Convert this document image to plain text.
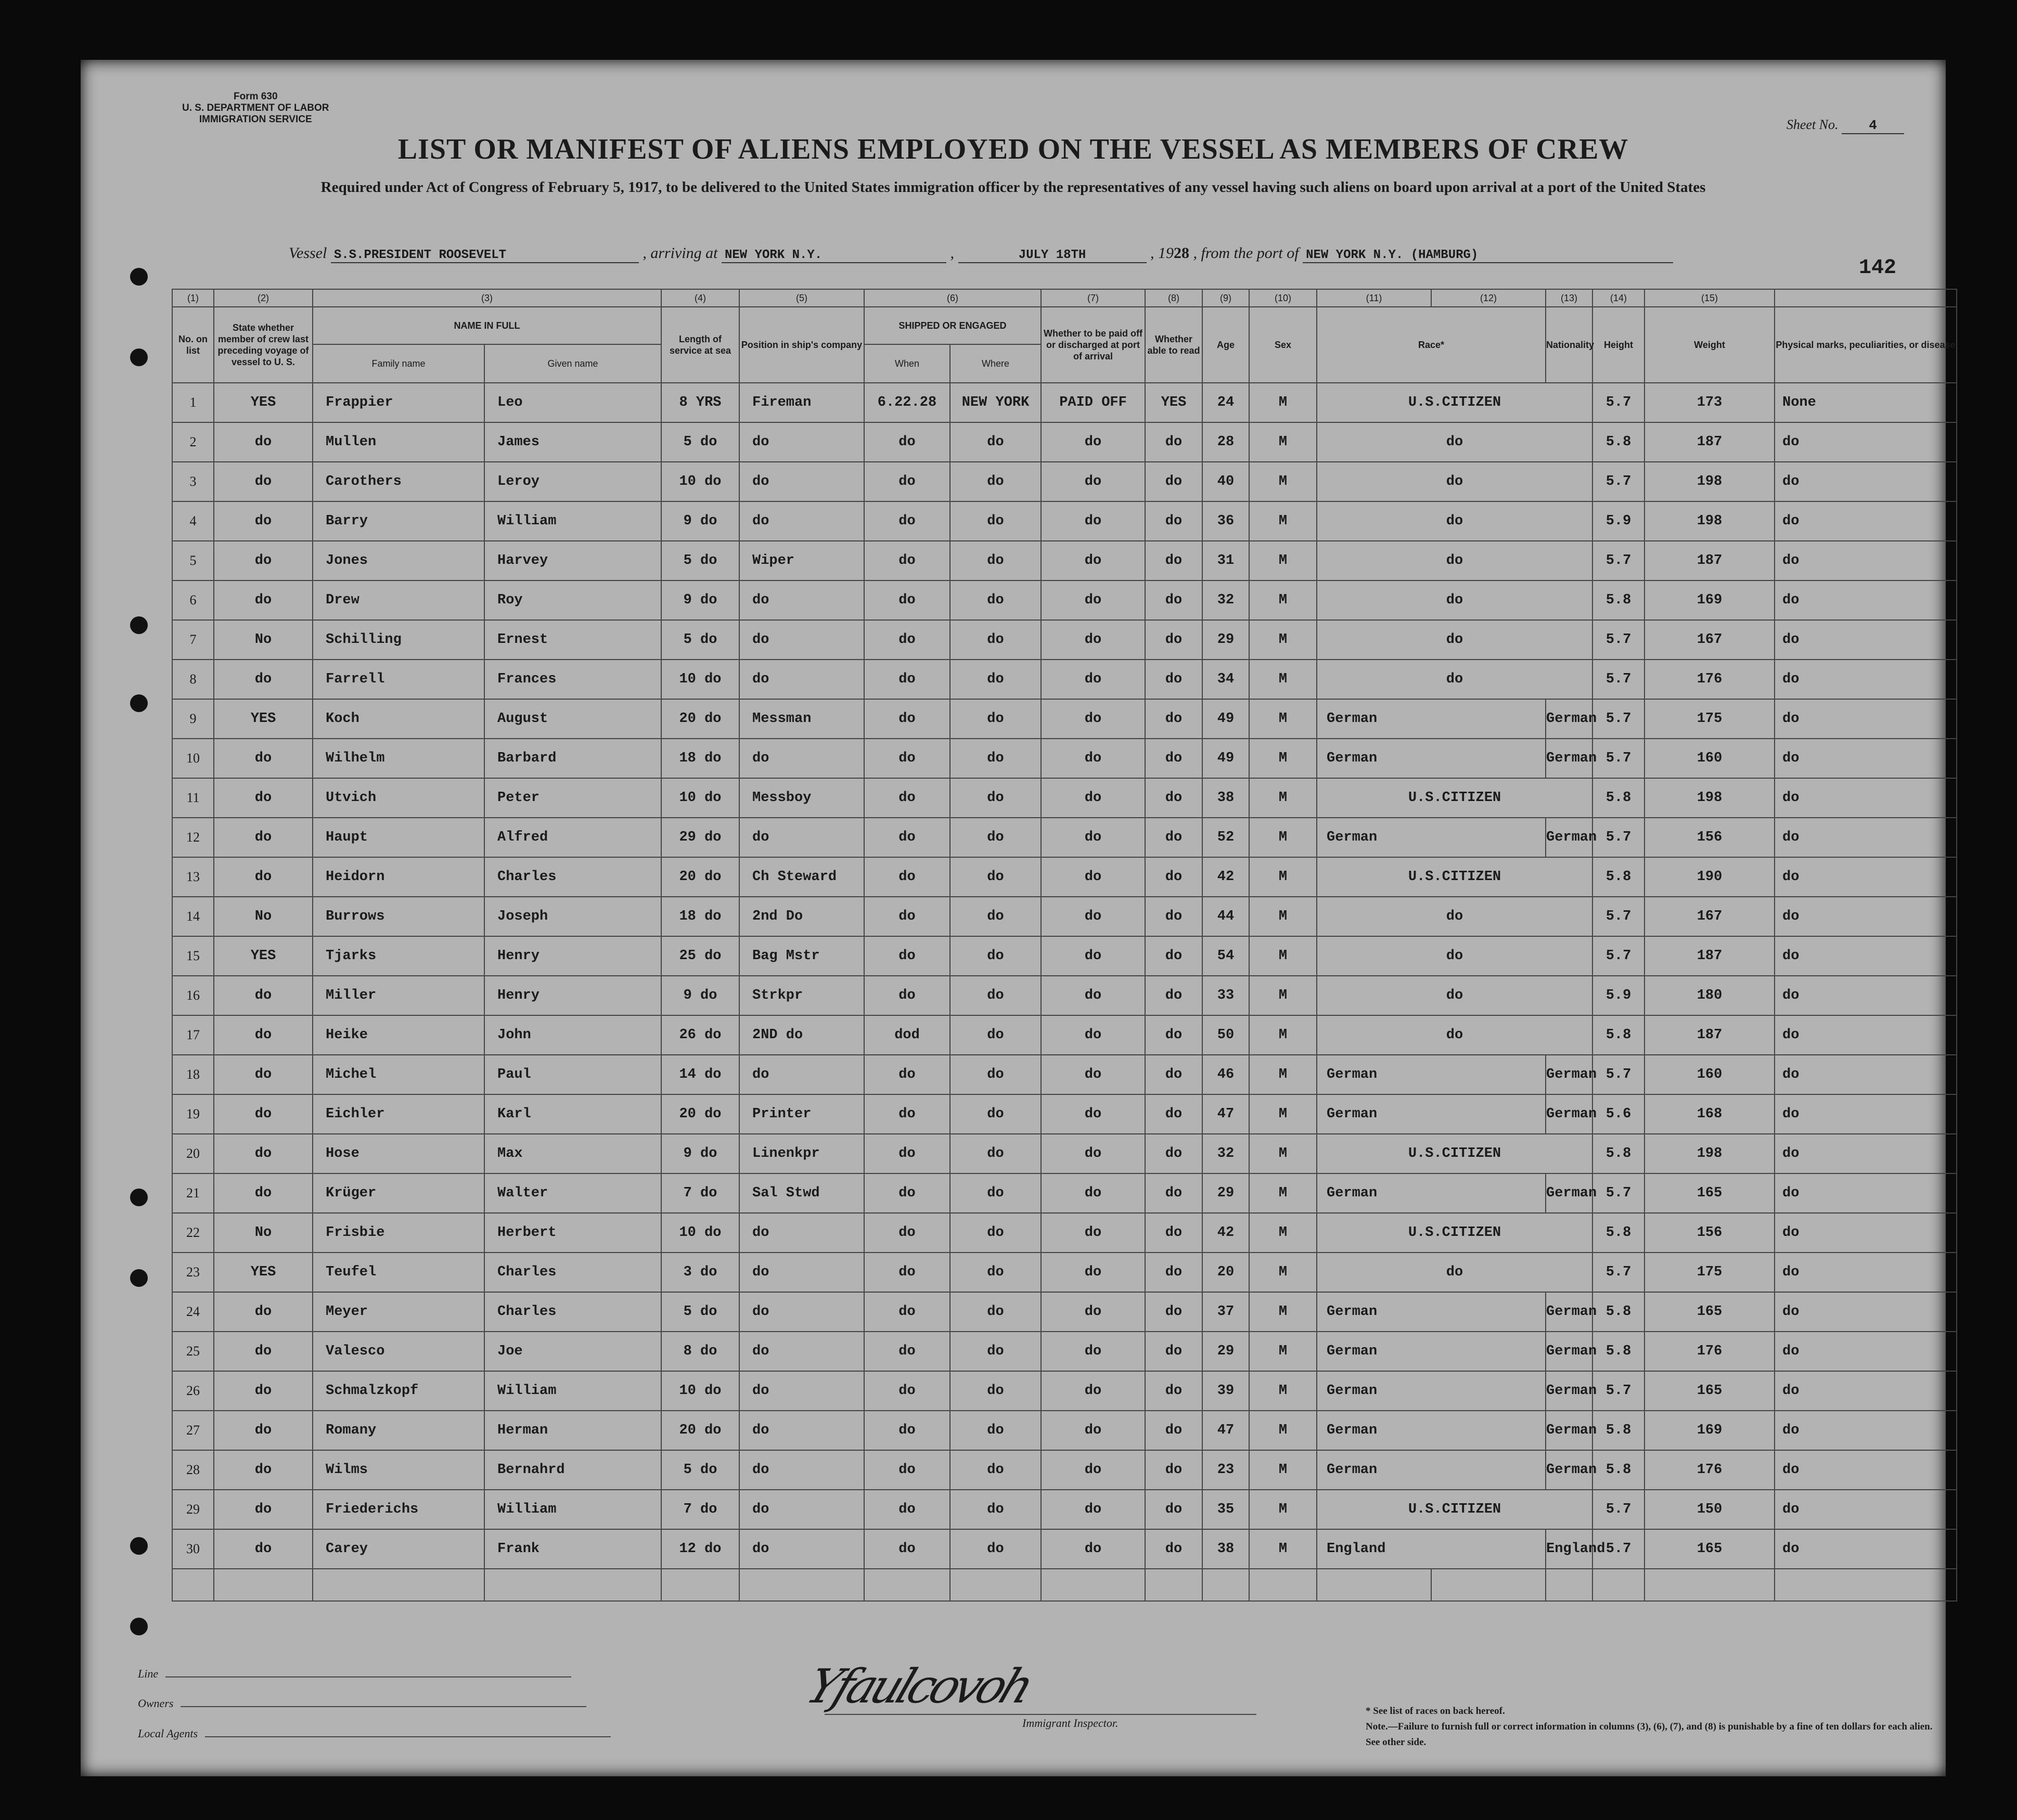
Form 630
U. S. DEPARTMENT OF LABOR
IMMIGRATION SERVICE	Sheet No. 4
LIST OR MANIFEST OF ALIENS EMPLOYED ON THE VESSEL AS MEMBERS OF CREW
Required under Act of Congress of February 5, 1917, to be delivered to the United States immigration officer by the representatives of any vessel having such aliens on board upon arrival at a port of the United States
Vessel S.S.PRESIDENT ROOSEVELT	, arriving at NEW YORK N.Y.	,	JULY 18TH	, 1928 , from the port of NEW YORK N.Y. (HAMBURG)
142
(1)	(2)	(3)		(4)	(5)	(6)		(7)	(8)	(9)	(10)	(11)	(12)	(13)	(14)	(15)		
No. on list	State whether member of crew last preceding voyage of vessel to U. S.	NAME IN FULL		Length of service at sea	Position in ship's company	SHIPPED OR ENGAGED		Whether to be paid off or discharged at port of arrival	Whether able to read	Age	Sex	Race*		Nationality	Height	Weight	Physical marks, peculiarities, or disease	
		Family name	Given name			When	Where											
1	YES	Frappier	Leo	8 YRS	Fireman	6.22.28	NEW YORK	PAID OFF	YES	24	M	U.S.CITIZEN			5.7	173	None	
2	do	Mullen	James	5 do	do	do	do	do	do	28	M	do			5.8	187	do	
3	do	Carothers	Leroy	10 do	do	do	do	do	do	40	M	do			5.7	198	do	
4	do	Barry	William	9 do	do	do	do	do	do	36	M	do			5.9	198	do	
5	do	Jones	Harvey	5 do	Wiper	do	do	do	do	31	M	do			5.7	187	do	
6	do	Drew	Roy	9 do	do	do	do	do	do	32	M	do			5.8	169	do	
7	No	Schilling	Ernest	5 do	do	do	do	do	do	29	M	do			5.7	167	do	
8	do	Farrell	Frances	10 do	do	do	do	do	do	34	M	do			5.7	176	do	
9	YES	Koch	August	20 do	Messman	do	do	do	do	49	M	German		German	5.7	175	do	
10	do	Wilhelm	Barbard	18 do	do	do	do	do	do	49	M	German		German	5.7	160	do	
11	do	Utvich	Peter	10 do	Messboy	do	do	do	do	38	M	U.S.CITIZEN			5.8	198	do	
12	do	Haupt	Alfred	29 do	do	do	do	do	do	52	M	German		German	5.7	156	do	
13	do	Heidorn	Charles	20 do	Ch Steward	do	do	do	do	42	M	U.S.CITIZEN			5.8	190	do	
14	No	Burrows	Joseph	18 do	2nd Do	do	do	do	do	44	M	do			5.7	167	do	
15	YES	Tjarks	Henry	25 do	Bag Mstr	do	do	do	do	54	M	do			5.7	187	do	
16	do	Miller	Henry	9 do	Strkpr	do	do	do	do	33	M	do			5.9	180	do	
17	do	Heike	John	26 do	2ND do	dod	do	do	do	50	M	do			5.8	187	do	
18	do	Michel	Paul	14 do	do	do	do	do	do	46	M	German		German	5.7	160	do	
19	do	Eichler	Karl	20 do	Printer	do	do	do	do	47	M	German		German	5.6	168	do	
20	do	Hose	Max	9 do	Linenkpr	do	do	do	do	32	M	U.S.CITIZEN			5.8	198	do	
21	do	Krüger	Walter	7 do	Sal Stwd	do	do	do	do	29	M	German		German	5.7	165	do	
22	No	Frisbie	Herbert	10 do	do	do	do	do	do	42	M	U.S.CITIZEN			5.8	156	do	
23	YES	Teufel	Charles	3 do	do	do	do	do	do	20	M	do			5.7	175	do	
24	do	Meyer	Charles	5 do	do	do	do	do	do	37	M	German		German	5.8	165	do	
25	do	Valesco	Joe	8 do	do	do	do	do	do	29	M	German		German	5.8	176	do	
26	do	Schmalzkopf	William	10 do	do	do	do	do	do	39	M	German		German	5.7	165	do	
27	do	Romany	Herman	20 do	do	do	do	do	do	47	M	German		German	5.8	169	do	
28	do	Wilms	Bernahrd	5 do	do	do	do	do	do	23	M	German		German	5.8	176	do	
29	do	Friederichs	William	7 do	do	do	do	do	do	35	M	U.S.CITIZEN			5.7	150	do	
30	do	Carey	Frank	12 do	do	do	do	do	do	38	M	England		England	5.7	165	do	

Line
Owners
Local Agents
Yfaulcovoh
Immigrant Inspector.
* See list of races on back hereof.
Note.—Failure to furnish full or correct information in columns (3), (6), (7), and (8) is punishable by a fine of ten dollars for each alien. See other side.
